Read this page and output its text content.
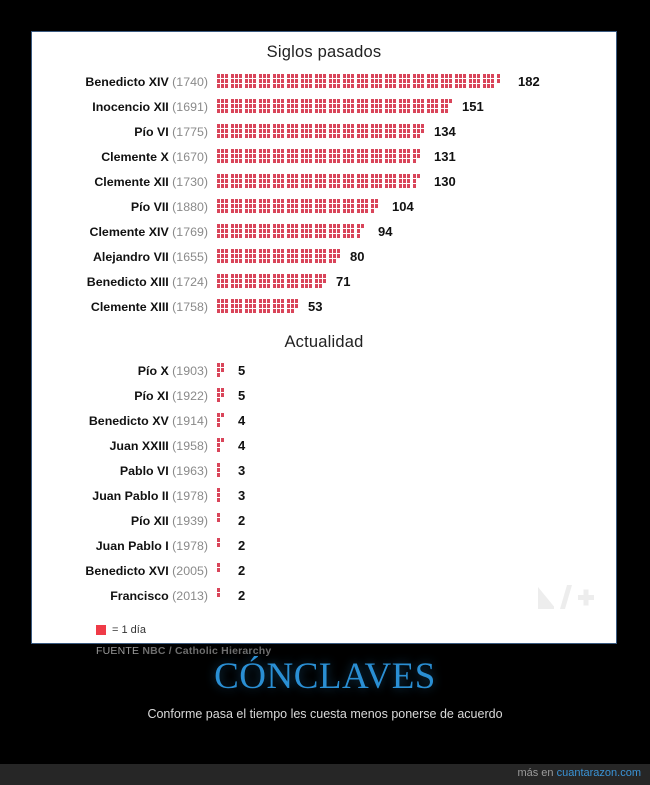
Siglos pasados
Benedicto XIV (1740)	182
Inocencio XII (1691)	151
Pío VI (1775)	134
Clemente X (1670)	131
Clemente XII (1730)	130
Pío VII (1880)	104
Clemente XIV (1769)	94
Alejandro VII (1655)	80
Benedicto XIII (1724)	71
Clemente XIII (1758)	53
Actualidad
Pío X (1903)	5
Pío XI (1922)	5
Benedicto XV (1914)	4
Juan XXIII (1958)	4
Pablo VI (1963)	3
Juan Pablo II (1978)	3
Pío XII (1939)	2
Juan Pablo I (1978)	2
Benedicto XVI (2005)	2
Francisco (2013)	2
= 1 día
FUENTE NBC / Catholic Hierarchy
CÓNCLAVES

Conforme pasa el tiempo les cuesta menos ponerse de acuerdo

más en cuantarazon.com
